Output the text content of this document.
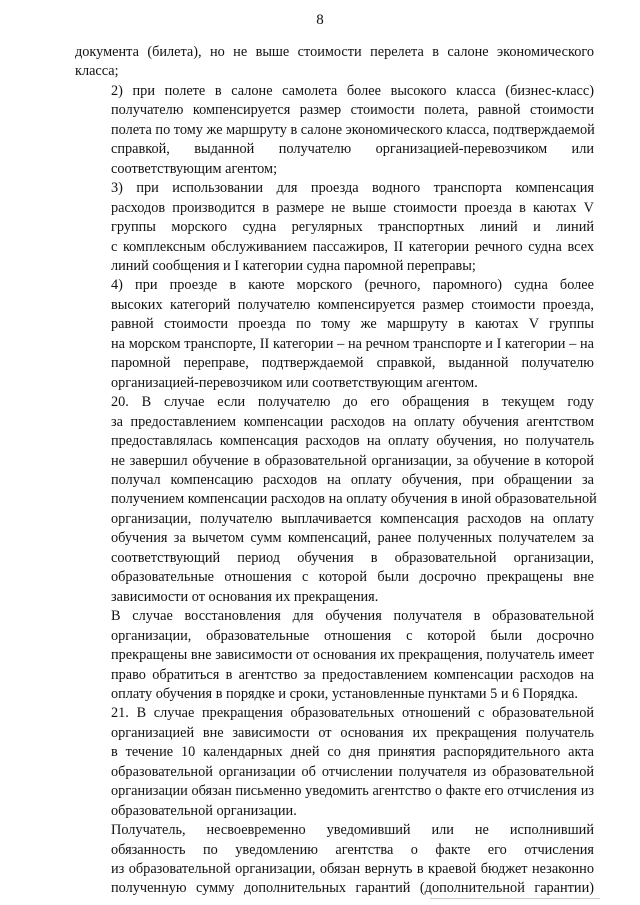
8
документа (билета), но не выше стоимости перелета в салоне экономического
класса;
2) при полете в салоне самолета более высокого класса (бизнес-класс)
получателю компенсируется размер стоимости полета, равной стоимости
полета по тому же маршруту в салоне экономического класса, подтверждаемой
справкой, выданной получателю организацией-перевозчиком или
соответствующим агентом;
3) при использовании для проезда водного транспорта компенсация
расходов производится в размере не выше стоимости проезда в каютах V
группы морского судна регулярных транспортных линий и линий
с комплексным обслуживанием пассажиров, II категории речного судна всех
линий сообщения и I категории судна паромной переправы;
4) при проезде в каюте морского (речного, паромного) судна более
высоких категорий получателю компенсируется размер стоимости проезда,
равной стоимости проезда по тому же маршруту в каютах V группы
на морском транспорте, II категории – на речном транспорте и I категории – на
паромной переправе, подтверждаемой справкой, выданной получателю
организацией-перевозчиком или соответствующим агентом.
20. В случае если получателю до его обращения в текущем году
за предоставлением компенсации расходов на оплату обучения агентством
предоставлялась компенсация расходов на оплату обучения, но получатель
не завершил обучение в образовательной организации, за обучение в которой
получал компенсацию расходов на оплату обучения, при обращении за
получением компенсации расходов на оплату обучения в иной образовательной
организации, получателю выплачивается компенсация расходов на оплату
обучения за вычетом сумм компенсаций, ранее полученных получателем за
соответствующий период обучения в образовательной организации,
образовательные отношения с которой были досрочно прекращены вне
зависимости от основания их прекращения.
В случае восстановления для обучения получателя в образовательной
организации, образовательные отношения с которой были досрочно
прекращены вне зависимости от основания их прекращения, получатель имеет
право обратиться в агентство за предоставлением компенсации расходов на
оплату обучения в порядке и сроки, установленные пунктами 5 и 6 Порядка.
21. В случае прекращения образовательных отношений с образовательной
организацией вне зависимости от основания их прекращения получатель
в течение 10 календарных дней со дня принятия распорядительного акта
образовательной организации об отчислении получателя из образовательной
организации обязан письменно уведомить агентство о факте его отчисления из
образовательной организации.
Получатель, несвоевременно уведомивший или не исполнивший
обязанность по уведомлению агентства о факте его отчисления
из образовательной организации, обязан вернуть в краевой бюджет незаконно
полученную сумму дополнительных гарантий (дополнительной гарантии)
